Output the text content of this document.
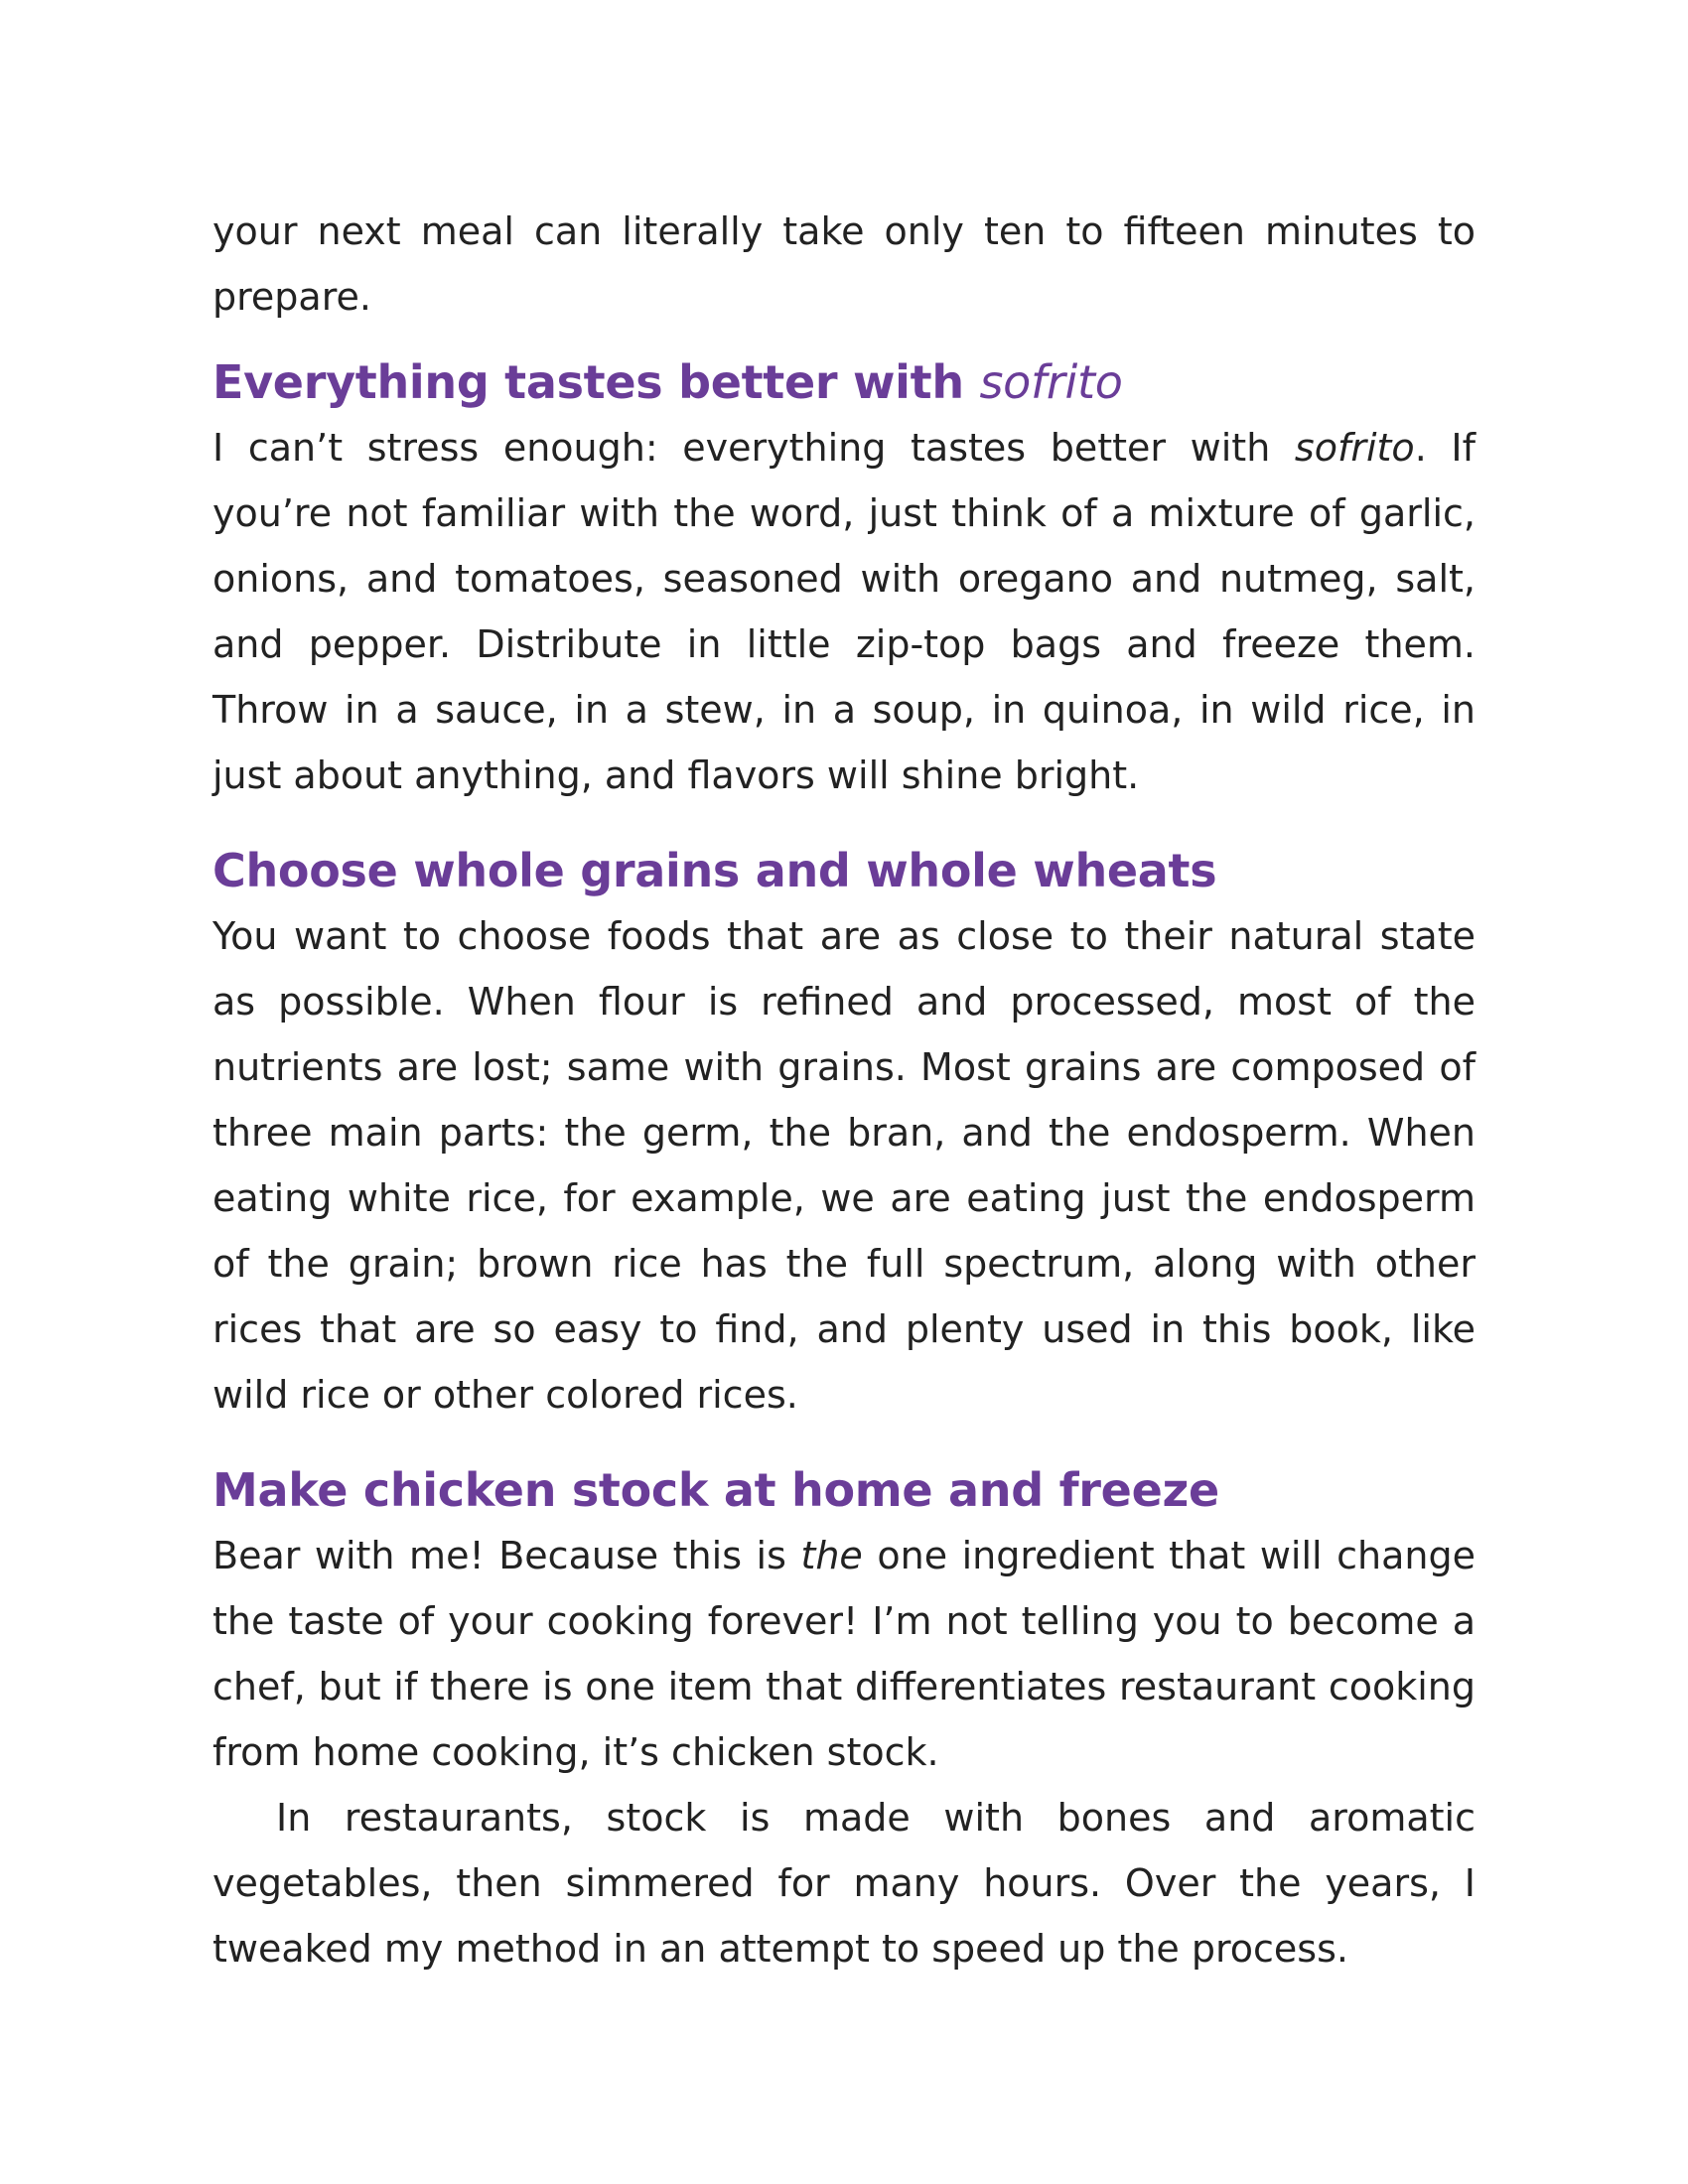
your next meal can literally take only ten to fifteen minutes to prepare.

Everything tastes better with sofrito

I can’t stress enough: everything tastes better with sofrito. If you’re not familiar with the word, just think of a mixture of garlic, onions, and tomatoes, seasoned with oregano and nutmeg, salt, and pepper. Distribute in little zip-top bags and freeze them. Throw in a sauce, in a stew, in a soup, in quinoa, in wild rice, in just about anything, and flavors will shine bright.

Choose whole grains and whole wheats

You want to choose foods that are as close to their natural state as possible. When flour is refined and processed, most of the nutrients are lost; same with grains. Most grains are composed of three main parts: the germ, the bran, and the endosperm. When eating white rice, for example, we are eating just the endosperm of the grain; brown rice has the full spectrum, along with other rices that are so easy to find, and plenty used in this book, like wild rice or other colored rices.

Make chicken stock at home and freeze

Bear with me! Because this is the one ingredient that will change the taste of your cooking forever! I’m not telling you to become a chef, but if there is one item that differentiates restaurant cooking from home cooking, it’s chicken stock.

In restaurants, stock is made with bones and aromatic vegetables, then simmered for many hours. Over the years, I tweaked my method in an attempt to speed up the process.
